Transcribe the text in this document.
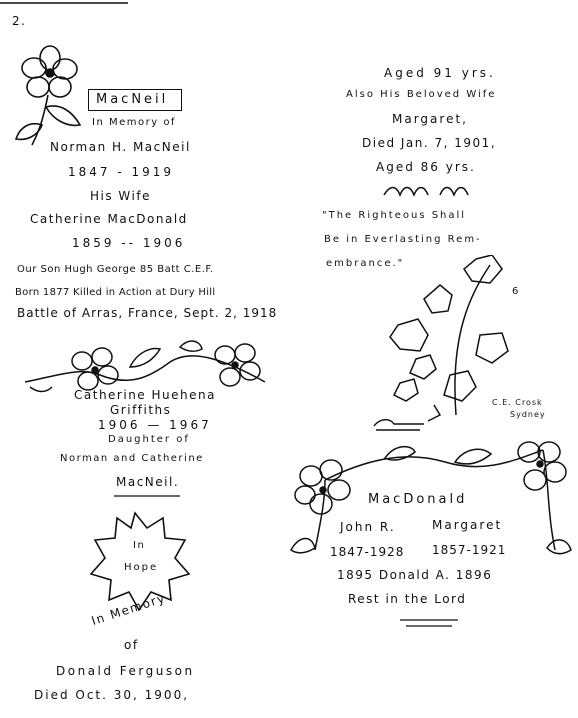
2.
MacNeil
In Memory of
Norman H. MacNeil
1847 - 1919
His Wife
Catherine MacDonald
1859 -- 1906
Our Son Hugh George 85 Batt C.E.F.
Born 1877 Killed in Action at Dury Hill
Battle of Arras, France, Sept. 2, 1918
Catherine Huehena
Griffiths
1906 — 1967
Daughter of
Norman and Catherine
MacNeil.
In
Hope
In Memory
of
Donald Ferguson
Died Oct. 30, 1900,
Aged 91 yrs.
Also His Beloved Wife
Margaret,
Died Jan. 7, 1901,
Aged 86 yrs.
"The Righteous Shall
Be in Everlasting Rem-
embrance."
6
C.E. Crosk
Sydney
MacDonald
John R.	Margaret
1847-1928 1857-1921
1895 Donald A. 1896
Rest in the Lord
